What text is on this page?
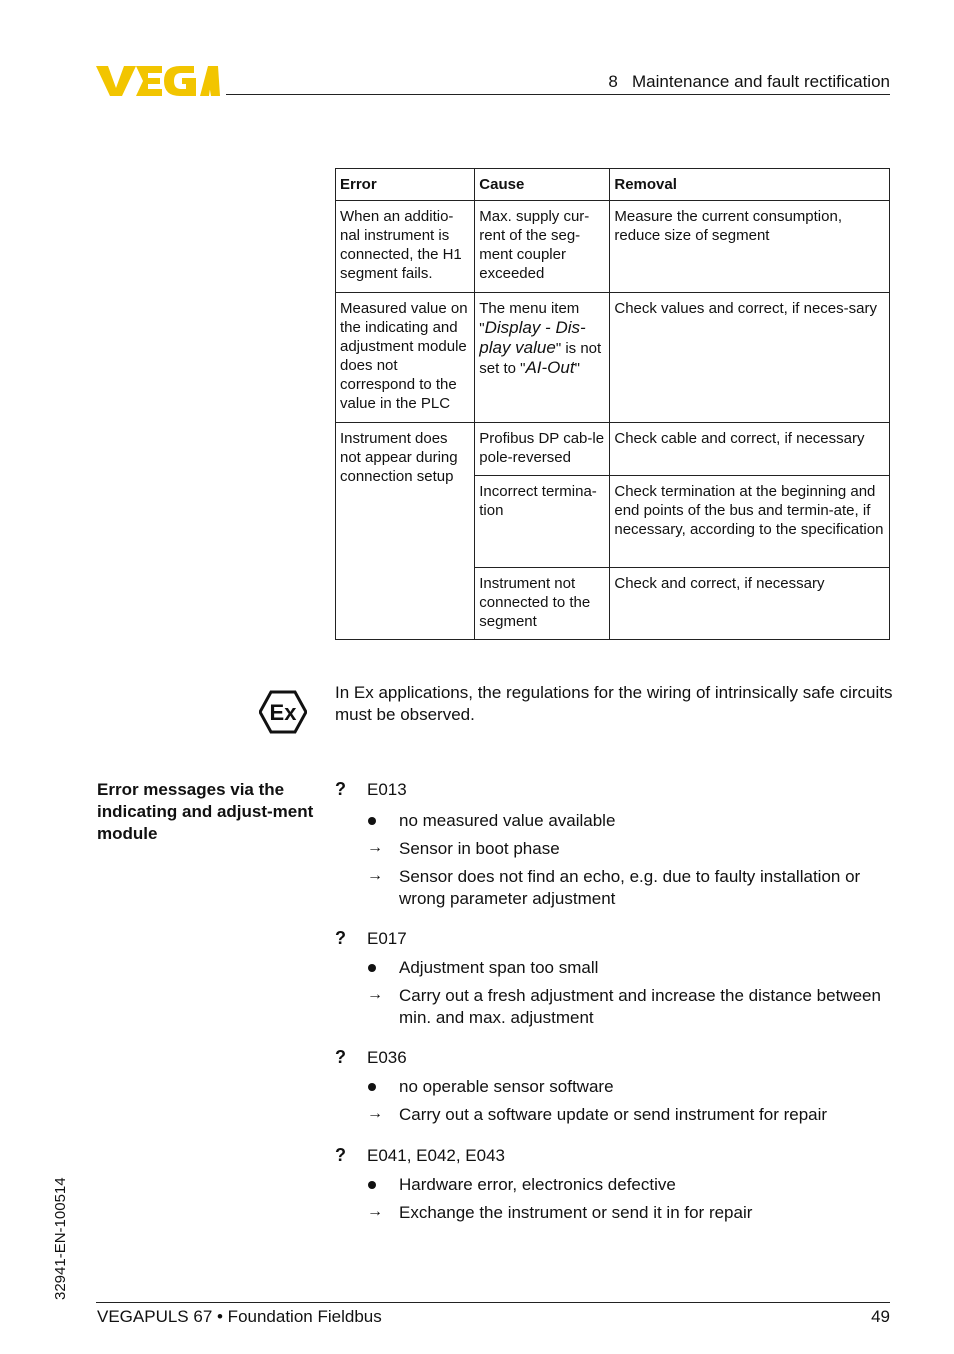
8   Maintenance and fault rectification
Error	Cause	Removal
When an additio-nal instrument is connected, the H1 segment fails.	Max. supply cur-rent of the seg-ment coupler exceeded	Measure the current consumption, reduce size of segment
Measured value on the indicating and adjustment module does not correspond to the value in the PLC	The menu item "Display - Dis-play value" is not set to "AI-Out"	Check values and correct, if neces-sary
Instrument does not appear during connection setup	Profibus DP cab-le pole-reversed	Check cable and correct, if necessary
	Incorrect termina-tion	Check termination at the beginning and end points of the bus and termin-ate, if necessary, according to the specification
	Instrument not connected to the segment	Check and correct, if necessary
Ex
In Ex applications, the regulations for the wiring of intrinsically safe circuits must be observed.
Error messages via the indicating and adjust-ment module
? E013
no measured value available
→ Sensor in boot phase
→ Sensor does not find an echo, e.g. due to faulty installation or wrong parameter adjustment
? E017
Adjustment span too small
→ Carry out a fresh adjustment and increase the distance between min. and max. adjustment
? E036
no operable sensor software
→ Carry out a software update or send instrument for repair
? E041, E042, E043
Hardware error, electronics defective
→ Exchange the instrument or send it in for repair
32941-EN-100514
VEGAPULS 67 • Foundation Fieldbus	49
